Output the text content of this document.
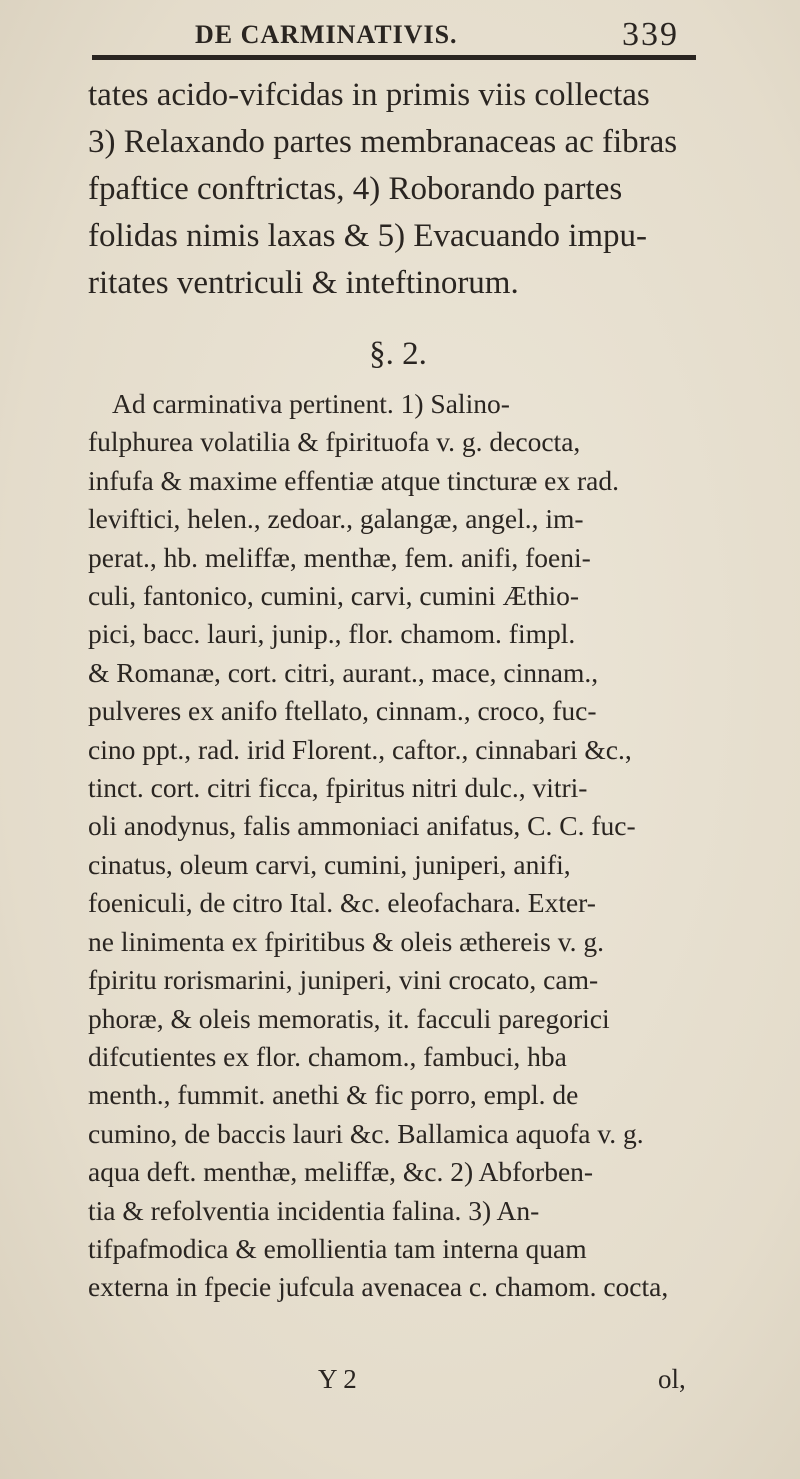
DE CARMINATIVIS.	339
tates acido-vifcidas in primis viis collectas
3) Relaxando partes membranaceas ac fibras
fpaftice conftrictas, 4) Roborando partes
folidas nimis laxas & 5) Evacuando impu-
ritates ventriculi & inteftinorum.
§. 2.
Ad carminativa pertinent. 1) Salino-
fulphurea volatilia & fpirituofa v. g. decocta,
infufa & maxime effentiæ atque tincturæ ex rad.
leviftici, helen., zedoar., galangæ, angel., im-
perat., hb. meliffæ, menthæ, fem. anifi, foeni-
culi, fantonico, cumini, carvi, cumini Æthio-
pici, bacc. lauri, junip., flor. chamom. fimpl.
& Romanæ, cort. citri, aurant., mace, cinnam.,
pulveres ex anifo ftellato, cinnam., croco, fuc-
cino ppt., rad. irid Florent., caftor., cinnabari &c.,
tinct. cort. citri ficca, fpiritus nitri dulc., vitri-
oli anodynus, falis ammoniaci anifatus, C. C. fuc-
cinatus, oleum carvi, cumini, juniperi, anifi,
foeniculi, de citro Ital. &c. eleofachara. Exter-
ne linimenta ex fpiritibus & oleis æthereis v. g.
fpiritu rorismarini, juniperi, vini crocato, cam-
phoræ, & oleis memoratis, it. facculi paregorici
difcutientes ex flor. chamom., fambuci, hba
menth., fummit. anethi & fic porro, empl. de
cumino, de baccis lauri &c. Ballamica aquofa v. g.
aqua deft. menthæ, meliffæ, &c. 2) Abforben-
tia & refolventia incidentia falina. 3) An-
tifpafmodica & emollientia tam interna quam
externa in fpecie jufcula avenacea c. chamom. cocta,
Y 2	ol,
